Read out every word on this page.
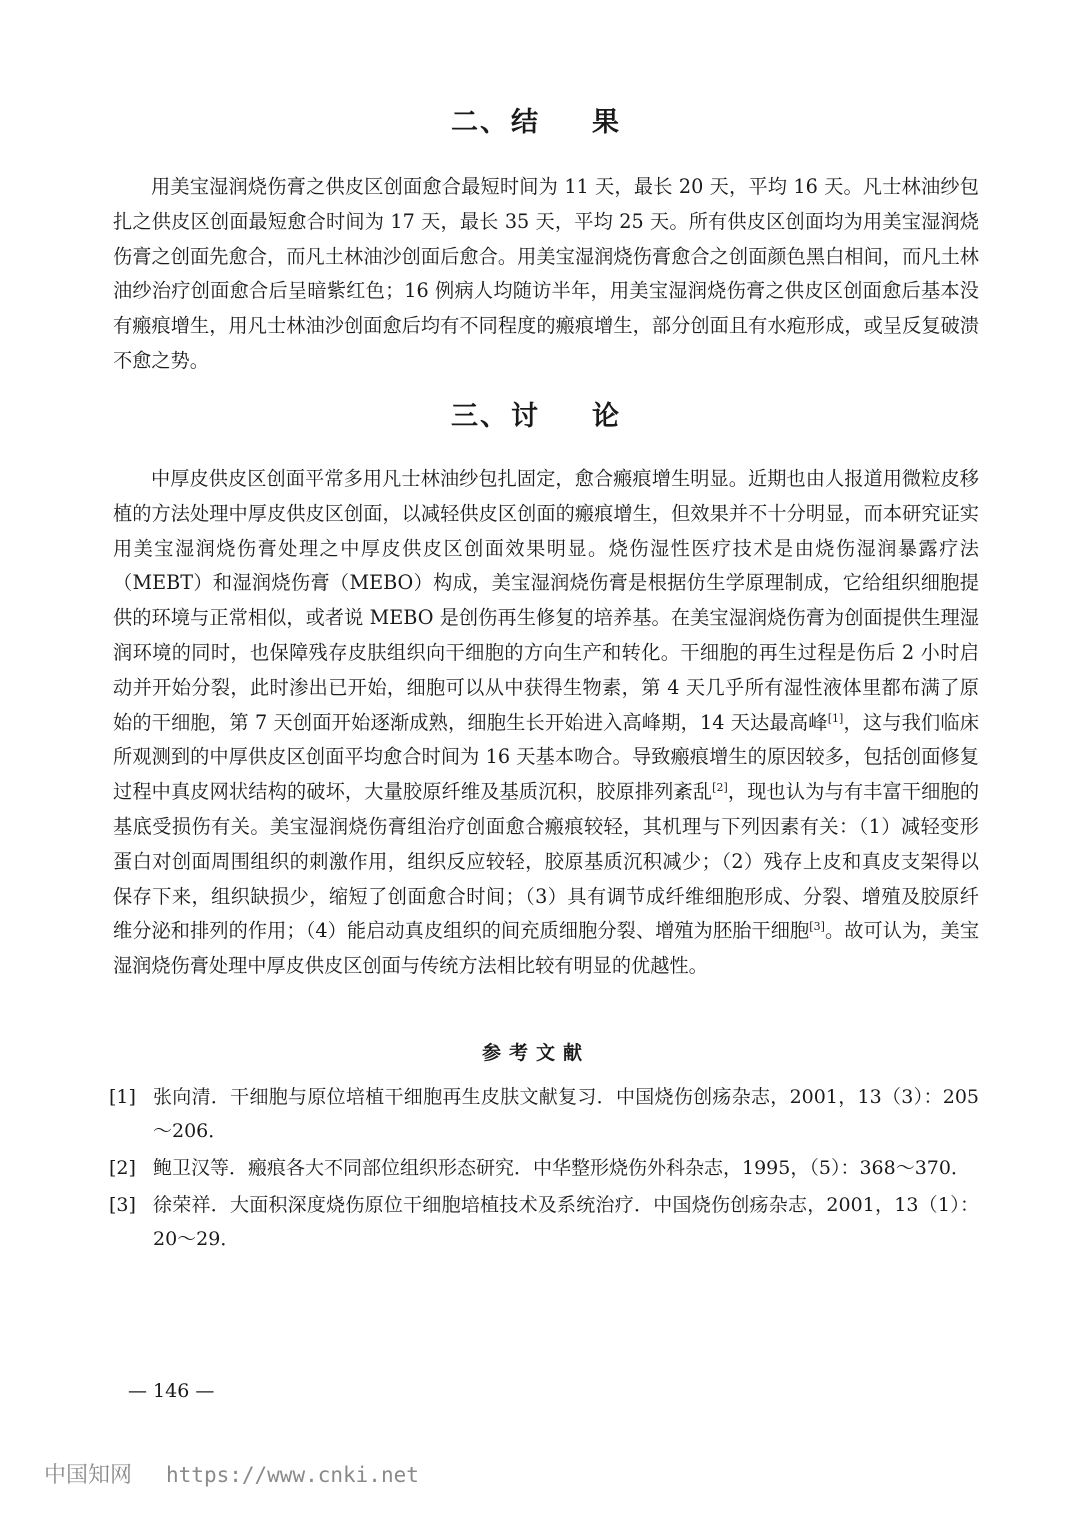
二、结 果

用美宝湿润烧伤膏之供皮区创面愈合最短时间为 11 天，最长 20 天，平均 16 天。凡士林油纱包扎之供皮区创面最短愈合时间为 17 天，最长 35 天，平均 25 天。所有供皮区创面均为用美宝湿润烧伤膏之创面先愈合，而凡土林油沙创面后愈合。用美宝湿润烧伤膏愈合之创面颜色黑白相间，而凡土林油纱治疗创面愈合后呈暗紫红色；16 例病人均随访半年，用美宝湿润烧伤膏之供皮区创面愈后基本没有瘢痕增生，用凡士林油沙创面愈后均有不同程度的瘢痕增生，部分创面且有水疱形成，或呈反复破溃不愈之势。

三、讨 论

中厚皮供皮区创面平常多用凡士林油纱包扎固定，愈合瘢痕增生明显。近期也由人报道用微粒皮移植的方法处理中厚皮供皮区创面，以减轻供皮区创面的瘢痕增生，但效果并不十分明显，而本研究证实用美宝湿润烧伤膏处理之中厚皮供皮区创面效果明显。烧伤湿性医疗技术是由烧伤湿润暴露疗法（MEBT）和湿润烧伤膏（MEBO）构成，美宝湿润烧伤膏是根据仿生学原理制成，它给组织细胞提供的环境与正常相似，或者说 MEBO 是创伤再生修复的培养基。在美宝湿润烧伤膏为创面提供生理湿润环境的同时，也保障残存皮肤组织向干细胞的方向生产和转化。干细胞的再生过程是伤后 2 小时启动并开始分裂，此时渗出已开始，细胞可以从中获得生物素，第 4 天几乎所有湿性液体里都布满了原始的干细胞，第 7 天创面开始逐渐成熟，细胞生长开始进入高峰期，14 天达最高峰[1]，这与我们临床所观测到的中厚供皮区创面平均愈合时间为 16 天基本吻合。导致瘢痕增生的原因较多，包括创面修复过程中真皮网状结构的破坏，大量胶原纤维及基质沉积，胶原排列紊乱[2]，现也认为与有丰富干细胞的基底受损伤有关。美宝湿润烧伤膏组治疗创面愈合瘢痕较轻，其机理与下列因素有关：（1）减轻变形蛋白对创面周围组织的刺激作用，组织反应较轻，胶原基质沉积减少；（2）残存上皮和真皮支架得以保存下来，组织缺损少，缩短了创面愈合时间；（3）具有调节成纤维细胞形成、分裂、增殖及胶原纤维分泌和排列的作用；（4）能启动真皮组织的间充质细胞分裂、增殖为胚胎干细胞[3]。故可认为，美宝湿润烧伤膏处理中厚皮供皮区创面与传统方法相比较有明显的优越性。

参考文献
[1] 张向清．干细胞与原位培植干细胞再生皮肤文献复习．中国烧伤创疡杂志，2001，13（3）：205～206．
[2] 鲍卫汉等．瘢痕各大不同部位组织形态研究．中华整形烧伤外科杂志，1995，（5）：368～370．
[3] 徐荣祥．大面积深度烧伤原位干细胞培植技术及系统治疗．中国烧伤创疡杂志，2001，13（1）：20～29．
— 146 —
中国知网 https://www.cnki.net
